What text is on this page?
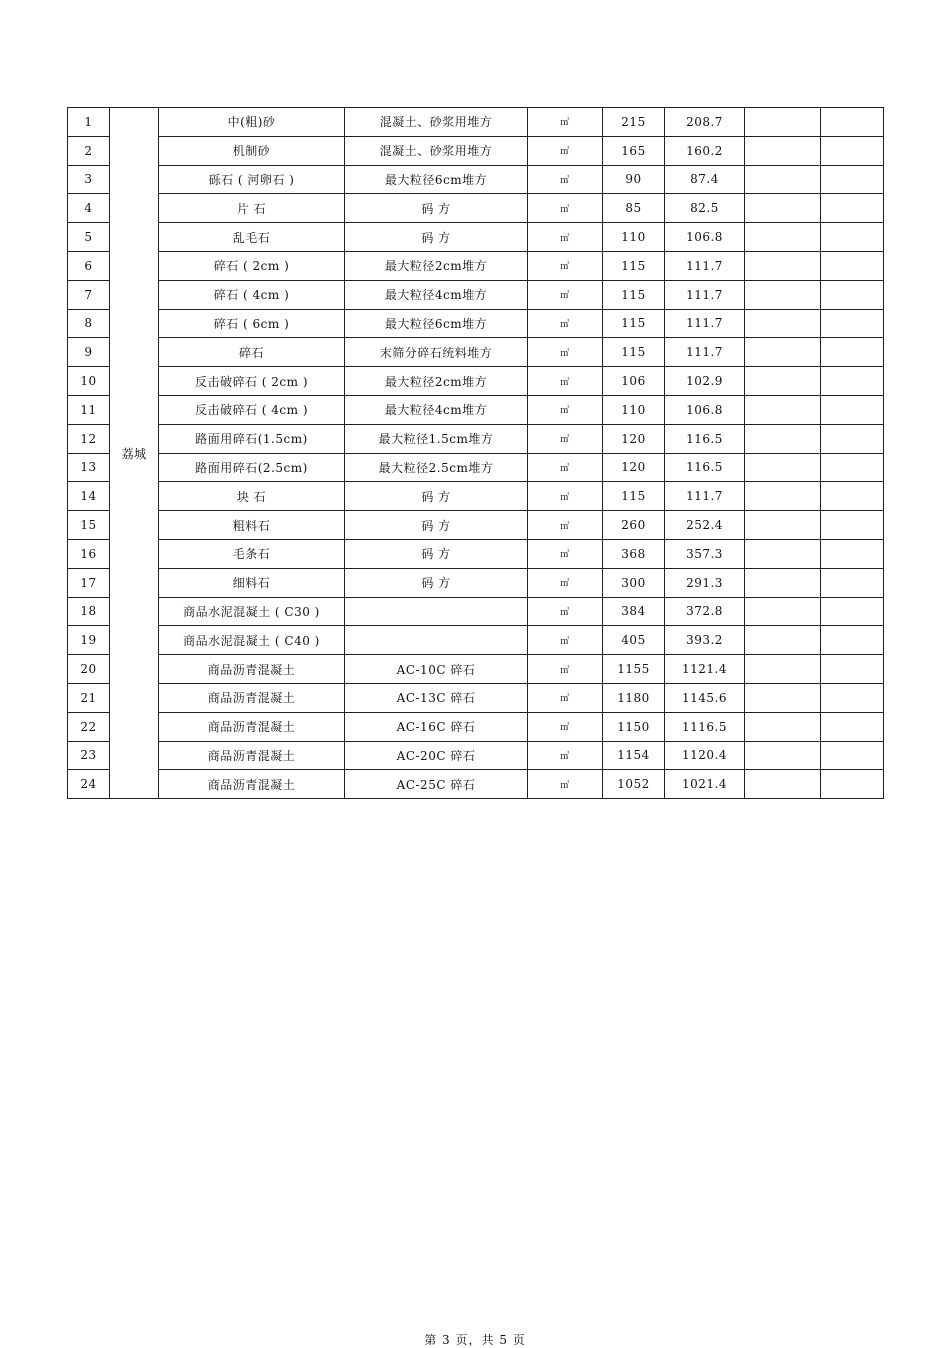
1	荔城	中(粗)砂	混凝土、砂浆用堆方	㎡	215	208.7		
2		机制砂	混凝土、砂浆用堆方	㎡	165	160.2		
3		砾石 ( 河卵石 )	最大粒径6cm堆方	㎡	90	87.4		
4		片 石	码 方	㎡	85	82.5		
5		乱毛石	码 方	㎡	110	106.8		
6		碎石 ( 2cm )	最大粒径2cm堆方	㎡	115	111.7		
7		碎石 ( 4cm )	最大粒径4cm堆方	㎡	115	111.7		
8		碎石 ( 6cm )	最大粒径6cm堆方	㎡	115	111.7		
9		碎石	末筛分碎石统料堆方	㎡	115	111.7		
10		反击破碎石 ( 2cm )	最大粒径2cm堆方	㎡	106	102.9		
11		反击破碎石 ( 4cm )	最大粒径4cm堆方	㎡	110	106.8		
12		路面用碎石(1.5cm)	最大粒径1.5cm堆方	㎡	120	116.5		
13		路面用碎石(2.5cm)	最大粒径2.5cm堆方	㎡	120	116.5		
14		块 石	码 方	㎡	115	111.7		
15		粗料石	码 方	㎡	260	252.4		
16		毛条石	码 方	㎡	368	357.3		
17		细料石	码 方	㎡	300	291.3		
18		商品水泥混凝土 ( C30 )		㎡	384	372.8		
19		商品水泥混凝土 ( C40 )		㎡	405	393.2		
20		商品沥青混凝土	AC-10C 碎石	㎡	1155	1121.4		
21		商品沥青混凝土	AC-13C 碎石	㎡	1180	1145.6		
22		商品沥青混凝土	AC-16C 碎石	㎡	1150	1116.5		
23		商品沥青混凝土	AC-20C 碎石	㎡	1154	1120.4		
24		商品沥青混凝土	AC-25C 碎石	㎡	1052	1021.4		
第 3 页，共 5 页
